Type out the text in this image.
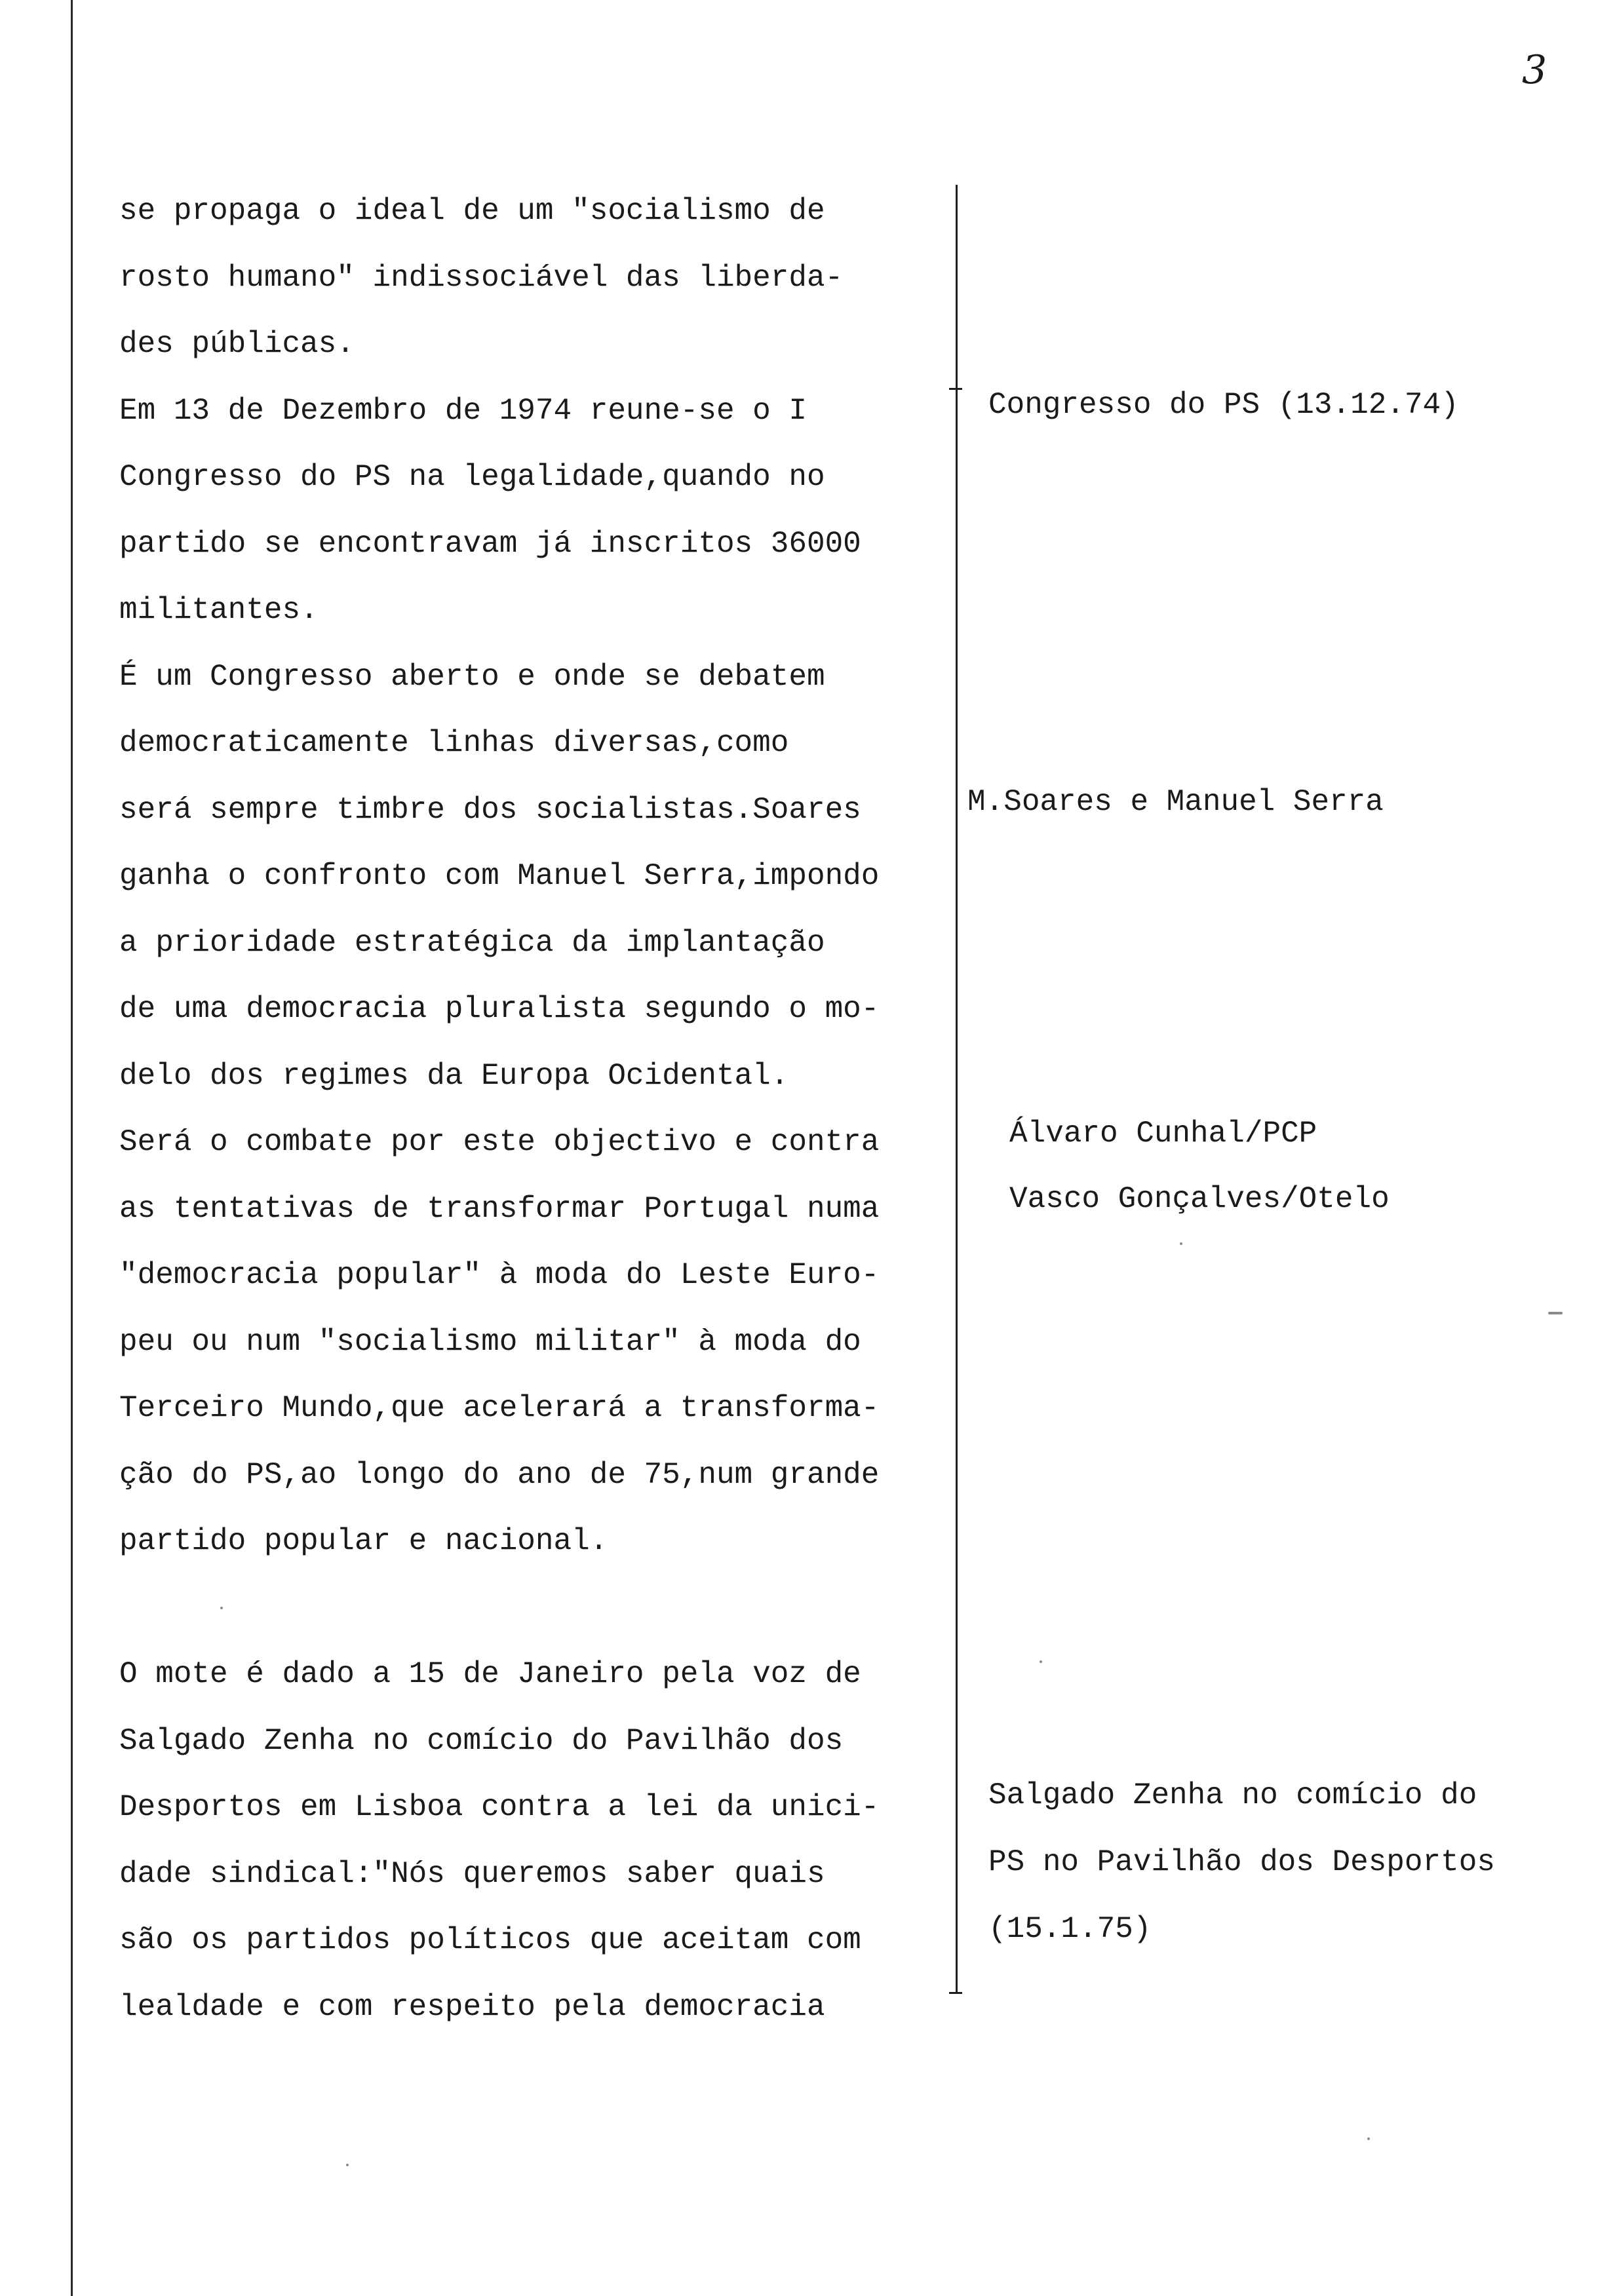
3
se propaga o ideal de um "socialismo de
rosto humano" indissociável das liberda-
des públicas.
Em 13 de Dezembro de 1974 reune-se o I
Congresso do PS na legalidade,quando no
partido se encontravam já inscritos 36000
militantes.
É um Congresso aberto e onde se debatem
democraticamente linhas diversas,como
será sempre timbre dos socialistas.Soares
ganha o confronto com Manuel Serra,impondo
a prioridade estratégica da implantação
de uma democracia pluralista segundo o mo-
delo dos regimes da Europa Ocidental.
Será o combate por este objectivo e contra
as tentativas de transformar Portugal numa
"democracia popular" à moda do Leste Euro-
peu ou num "socialismo militar" à moda do
Terceiro Mundo,que acelerará a transforma-
ção do PS,ao longo do ano de 75,num grande
partido popular e nacional.
O mote é dado a 15 de Janeiro pela voz de
Salgado Zenha no comício do Pavilhão dos
Desportos em Lisboa contra a lei da unici-
dade sindical:"Nós queremos saber quais
são os partidos políticos que aceitam com
lealdade e com respeito pela democracia

Congresso do PS (13.12.74)

M.Soares e Manuel Serra

Álvaro Cunhal/PCP

Vasco Gonçalves/Otelo

Salgado Zenha no comício do

PS no Pavilhão dos Desportos

(15.1.75)
